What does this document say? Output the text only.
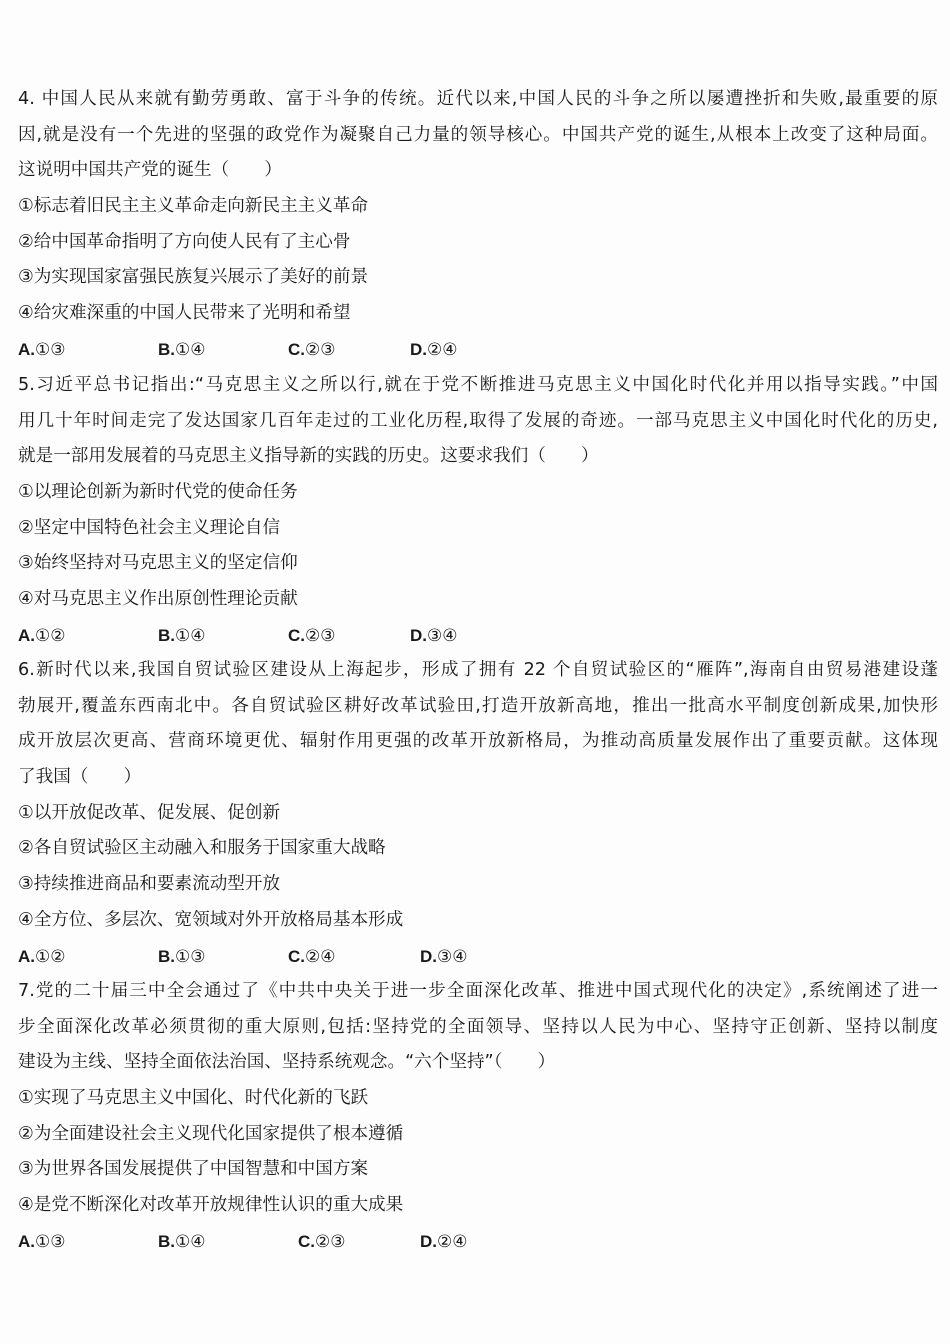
4. 中国人民从来就有勤劳勇敢、富于斗争的传统。近代以来,中国人民的斗争之所以屡遭挫折和失败,最重要的原
因,就是没有一个先进的坚强的政党作为凝聚自己力量的领导核心。中国共产党的诞生,从根本上改变了这种局面。
这说明中国共产党的诞生（　　）
①标志着旧民主主义革命走向新民主主义革命
②给中国革命指明了方向使人民有了主心骨
③为实现国家富强民族复兴展示了美好的前景
④给灾难深重的中国人民带来了光明和希望
A.①③	B.①④	C.②③	D.②④
5.习近平总书记指出:“马克思主义之所以行,就在于党不断推进马克思主义中国化时代化并用以指导实践。”中国
用几十年时间走完了发达国家几百年走过的工业化历程,取得了发展的奇迹。一部马克思主义中国化时代化的历史,
就是一部用发展着的马克思主义指导新的实践的历史。这要求我们（　　）
①以理论创新为新时代党的使命任务
②坚定中国特色社会主义理论自信
③始终坚持对马克思主义的坚定信仰
④对马克思主义作出原创性理论贡献
A.①②	B.①④	C.②③	D.③④
6.新时代以来,我国自贸试验区建设从上海起步，形成了拥有 22 个自贸试验区的“雁阵”,海南自由贸易港建设蓬
勃展开,覆盖东西南北中。各自贸试验区耕好改革试验田,打造开放新高地，推出一批高水平制度创新成果,加快形
成开放层次更高、营商环境更优、辐射作用更强的改革开放新格局，为推动高质量发展作出了重要贡献。这体现
了我国（　　）
①以开放促改革、促发展、促创新
②各自贸试验区主动融入和服务于国家重大战略
③持续推进商品和要素流动型开放
④全方位、多层次、宽领域对外开放格局基本形成
A.①②	B.①③	C.②④	D.③④
7.党的二十届三中全会通过了《中共中央关于进一步全面深化改革、推进中国式现代化的决定》,系统阐述了进一
步全面深化改革必须贯彻的重大原则,包括:坚持党的全面领导、坚持以人民为中心、坚持守正创新、坚持以制度
建设为主线、坚持全面依法治国、坚持系统观念。“六个坚持”（　　）
①实现了马克思主义中国化、时代化新的飞跃
②为全面建设社会主义现代化国家提供了根本遵循
③为世界各国发展提供了中国智慧和中国方案
④是党不断深化对改革开放规律性认识的重大成果
A.①③	B.①④	C.②③	D.②④
